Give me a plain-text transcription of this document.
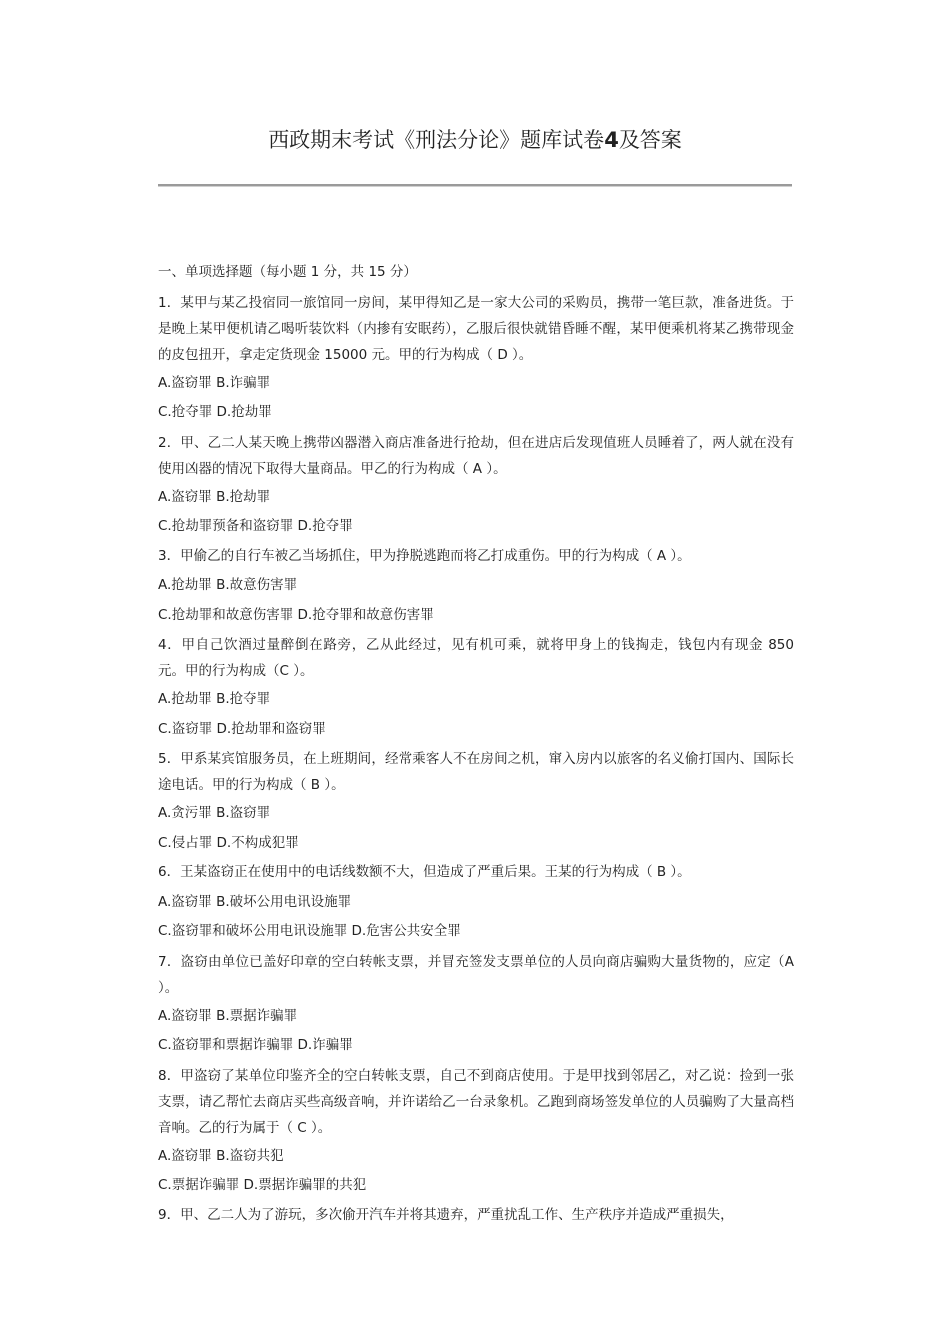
西政期末考试《刑法分论》题库试卷4及答案

一、单项选择题（每小题 1 分，共 15 分）

1．某甲与某乙投宿同一旅馆同一房间，某甲得知乙是一家大公司的采购员，携带一笔巨款，准备进货。于是晚上某甲便机请乙喝听装饮料（内掺有安眠药），乙服后很快就错昏睡不醒，某甲便乘机将某乙携带现金的皮包扭开，拿走定货现金 15000 元。甲的行为构成（ D ）。

A.盗窃罪 B.诈骗罪

C.抢夺罪 D.抢劫罪

2．甲、乙二人某天晚上携带凶器潜入商店准备进行抢劫，但在进店后发现值班人员睡着了，两人就在没有使用凶器的情况下取得大量商品。甲乙的行为构成（ A ）。

A.盗窃罪 B.抢劫罪

C.抢劫罪预备和盗窃罪 D.抢夺罪

3．甲偷乙的自行车被乙当场抓住，甲为挣脱逃跑而将乙打成重伤。甲的行为构成（ A ）。

A.抢劫罪 B.故意伤害罪

C.抢劫罪和故意伤害罪 D.抢夺罪和故意伤害罪

4．甲自己饮酒过量醉倒在路旁，乙从此经过，见有机可乘，就将甲身上的钱掏走，钱包内有现金 850 元。甲的行为构成（C ）。

A.抢劫罪 B.抢夺罪

C.盗窃罪 D.抢劫罪和盗窃罪

5．甲系某宾馆服务员，在上班期间，经常乘客人不在房间之机，窜入房内以旅客的名义偷打国内、国际长途电话。甲的行为构成（ B ）。

A.贪污罪 B.盗窃罪

C.侵占罪 D.不构成犯罪

6．王某盗窃正在使用中的电话线数额不大，但造成了严重后果。王某的行为构成（ B ）。

A.盗窃罪 B.破坏公用电讯设施罪

C.盗窃罪和破坏公用电讯设施罪 D.危害公共安全罪

7．盗窃由单位已盖好印章的空白转帐支票，并冒充签发支票单位的人员向商店骗购大量货物的，应定（A ）。

A.盗窃罪 B.票据诈骗罪

C.盗窃罪和票据诈骗罪 D.诈骗罪

8．甲盗窃了某单位印鉴齐全的空白转帐支票，自己不到商店使用。于是甲找到邻居乙，对乙说：捡到一张支票，请乙帮忙去商店买些高级音响，并许诺给乙一台录象机。乙跑到商场签发单位的人员骗购了大量高档音响。乙的行为属于（ C ）。

A.盗窃罪 B.盗窃共犯

C.票据诈骗罪 D.票据诈骗罪的共犯

9．甲、乙二人为了游玩，多次偷开汽车并将其遗弃，严重扰乱工作、生产秩序并造成严重损失，
